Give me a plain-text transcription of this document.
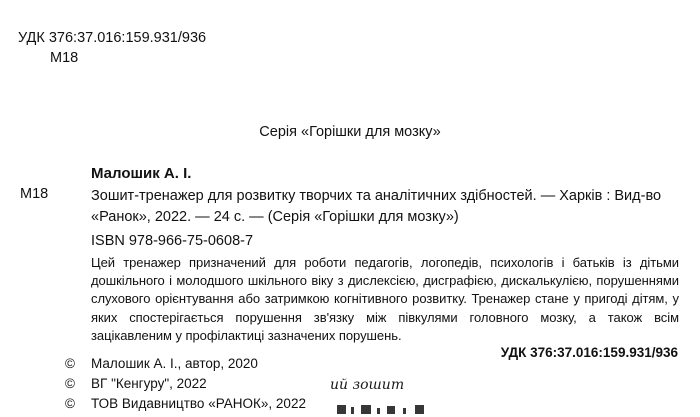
УДК 376:37.016:159.931/936
М18
Серія «Горішки для мозку»
Малошик А. І.
М18	Зошит-тренажер для розвитку творчих та аналітичних здібностей. — Харків : Вид-во «Ранок», 2022. — 24 с. — (Серія «Горішки для мозку»)
ISBN 978-966-75-0608-7
Цей тренажер призначений для роботи педагогів, логопедів, психологів і батьків із дітьми дошкільного і молодшого шкільного віку з дислексією, дисграфією, дискалькулією, порушеннями слухового орієнтування або затримкою когнітивного розвитку. Тренажер стане у пригоді дітям, у яких спостерігається порушення зв'язку між півкулями головного мозку, а також всім зацікавленим у профілактиці зазначених порушень.
ий зошит
УДК 376:37.016:159.931/936
©	Малошик А. І., автор, 2020
©	ВГ "Кенгуру", 2022
©	ТОВ Видавництво «РАНОК», 2022
